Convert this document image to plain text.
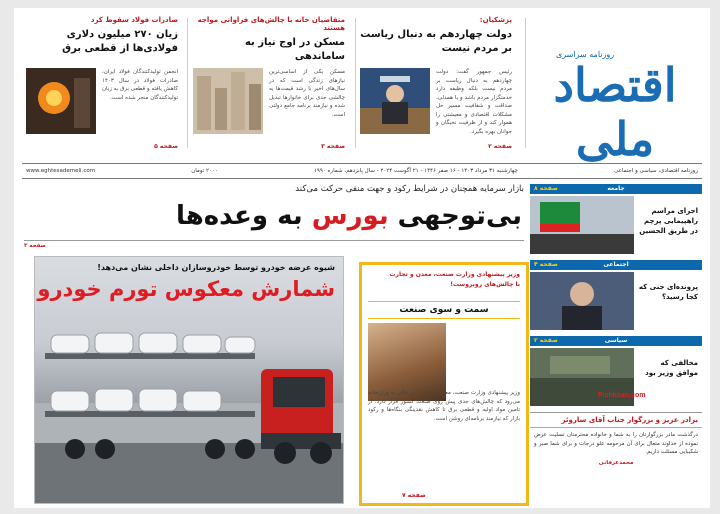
روزنامه سراسری
اقتصاد ملی
پزشکیان:
دولت چهاردهم به دنبال ریاست بر مردم نیست
رئیس جمهور گفت: دولت چهاردهم به دنبال ریاست بر مردم نیست بلکه وظیفه دارد خدمتگزار مردم باشد و با همدلی، صداقت و شفافیت مسیر حل مشکلات اقتصادی و معیشتی را هموار کند و از ظرفیت نخبگان و جوانان بهره بگیرد.
صفحه ۲
متقاضیان خانه با چالش‌های فراوانی مواجه هستند
مسکن در اوج نیاز به ساماندهی
مسکن یکی از اساسی‌ترین نیازهای زندگی است که در سال‌های اخیر با رشد قیمت‌ها به چالشی جدی برای خانوارها تبدیل شده و نیازمند برنامه جامع دولتی است.
صفحه ۳
صادرات فولاد سقوط کرد
زیان ۲۷۰ میلیون دلاری فولادی‌ها از قطعی برق
انجمن تولیدکنندگان فولاد ایران، صادرات فولاد در سال ۱۴۰۳ کاهش یافته و قطعی برق به زیان تولیدکنندگان منجر شده است.
صفحه ۵
روزنامه اقتصادی، سیاسی و اجتماعی
چهارشنبه ۳۱ مرداد ۱۴۰۳ - ۱۶ صفر ۱۴۴۶ - ۲۱ آگوست ۲۰۲۴ - سال پانزدهم، شماره ۱۹۹۰
۲۰۰۰ تومان
www.eghtesademeli.com
بازار سرمایه همچنان در شرایط رکود و جهت منفی حرکت می‌کند
بی‌توجهی بورس به وعده‌ها
صفحه ۳
شیوه عرضه خودرو توسط خودروسازان داخلی نشان می‌دهد!
شمارش معکوس تورم خودرو
وزیر پیشنهادی وزارت صنعت، معدن و تجارت
با چالش‌های روبروست!
سمت و سوی صنعت
وزیر پیشنهادی وزارت صنعت، معدن و تجارت در حالی به وزارتخانه می‌رود که چالش‌های جدی پیش روی صنعت کشور قرار دارد؛ از تامین مواد اولیه و قطعی برق تا کاهش نقدینگی بنگاه‌ها و رکود بازار که نیازمند برنامه‌ای روشن است.
صفحه ۷
جامعه
صفحه ۸
اجرای مراسم راهپیمایی پرچم در طریق الحسین
اجتماعی
صفحه ۴
پرونده‌ای جنی که کجا رسید؟
سیاسی
صفحه ۲
مخالفی که موافق وزیر بود
برادر عزیز و بزرگوار جناب آقای ساروئر

درگذشت مادر بزرگوارتان را به شما و خانواده محترمتان تسلیت عرض نموده از خداوند متعال برای آن مرحومه علو درجات و برای شما صبر و شکیبایی مسئلت داریم.

محمدعرفانی
Pishkhan.com
